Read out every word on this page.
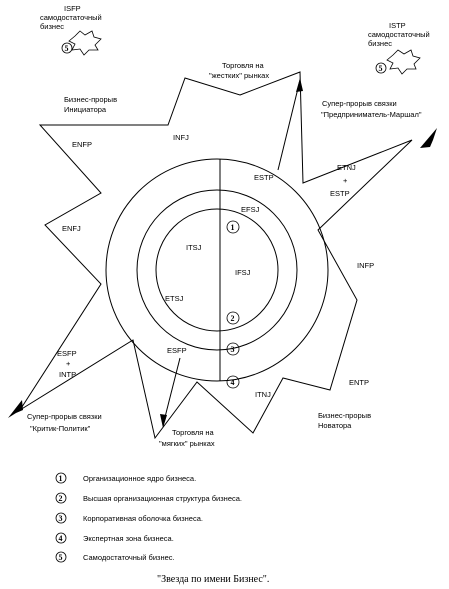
5
5
1
2
3
4
ITSJ
EFSJ
IFSJ
ETSJ
ESTP
ESFP
INFJ
ENFP
ENFJ
ESFP
+
INTP
ETNJ
+
ESTP
INFP
ENTP
ITNJ
ISFP
самодостаточный
бизнес	ISTP
самодостаточный
бизнес
Торговля на
"жестких" рынках
Бизнес-прорыв
Инициатора
Супер-прорыв связки
"Предприниматель-Маршал"
Супер-прорыв связки
"Критик-Политик"	Торговля на
"мягких" рынках
Бизнес-прорыв
Новатора
1	Организационное ядро бизнеса.
2	Высшая организационная структура бизнеса.
3	Корпоративная оболочка бизнеса.
4	Экспертная зона бизнеса.
5	Самодостаточный бизнес.
"Звезда по имени Бизнес".
